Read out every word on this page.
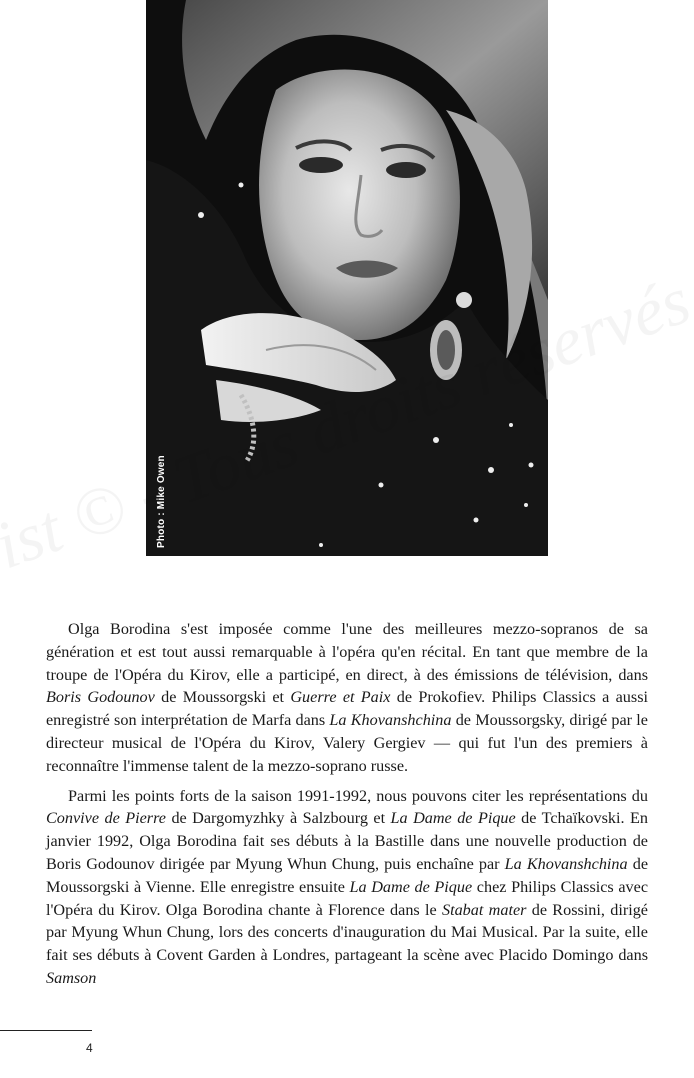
Photo : Mike Owen

Olga Borodina s'est imposée comme l'une des meilleures mezzo-sopranos de sa génération et est tout aussi remarquable à l'opéra qu'en récital. En tant que membre de la troupe de l'Opéra du Kirov, elle a participé, en direct, à des émissions de télévision, dans Boris Godounov de Moussorgski et Guerre et Paix de Prokofiev. Philips Classics a aussi enregistré son interprétation de Marfa dans La Khovanshchina de Moussorgsky, dirigé par le directeur musical de l'Opéra du Kirov, Valery Gergiev — qui fut l'un des premiers à reconnaître l'immense talent de la mezzo-soprano russe.

Parmi les points forts de la saison 1991-1992, nous pouvons citer les représentations du Convive de Pierre de Dargomyzhky à Salzbourg et La Dame de Pique de Tchaïkovski. En janvier 1992, Olga Borodina fait ses débuts à la Bastille dans une nouvelle production de Boris Godounov dirigée par Myung Whun Chung, puis enchaîne par La Khovanshchina de Moussorgski à Vienne. Elle enregistre ensuite La Dame de Pique chez Philips Classics avec l'Opéra du Kirov. Olga Borodina chante à Florence dans le Stabat mater de Rossini, dirigé par Myung Whun Chung, lors des concerts d'inauguration du Mai Musical. Par la suite, elle fait ses débuts à Covent Garden à Londres, partageant la scène avec Placido Domingo dans Samson

4
